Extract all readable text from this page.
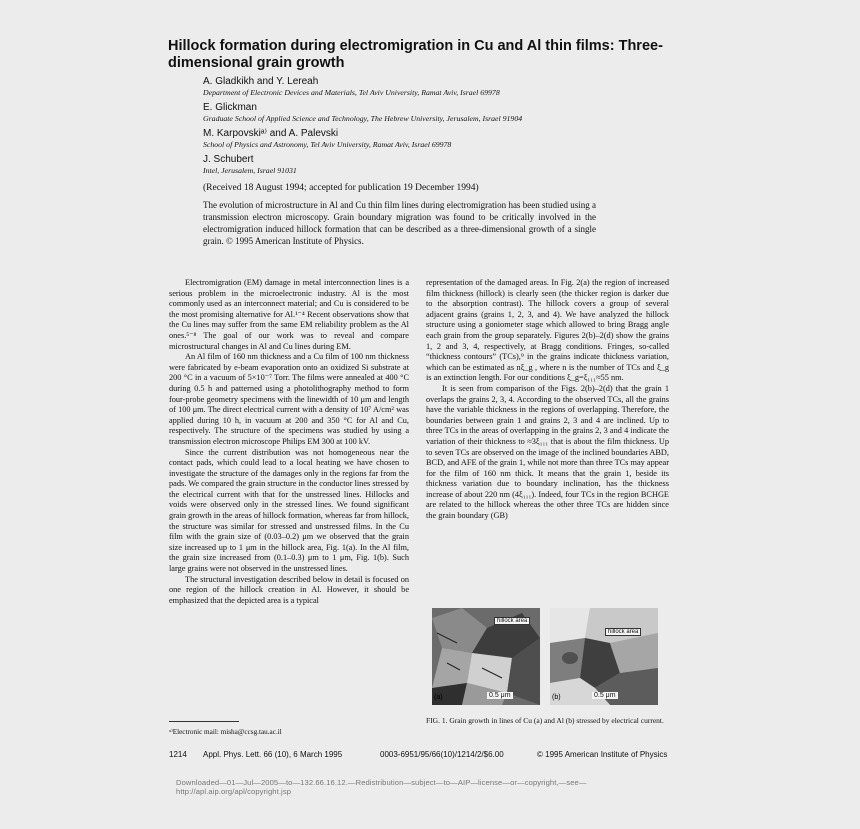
Hillock formation during electromigration in Cu and Al thin films: Three-dimensional grain growth
A. Gladkikh and Y. Lereah
Department of Electronic Devices and Materials, Tel Aviv University, Ramat Aviv, Israel 69978
E. Glickman
Graduate School of Applied Science and Technology, The Hebrew University, Jerusalem, Israel 91904
M. Karpovskiᵃ⁾ and A. Palevski
School of Physics and Astronomy, Tel Aviv University, Ramat Aviv, Israel 69978
J. Schubert
Intel, Jerusalem, Israel 91031
(Received 18 August 1994; accepted for publication 19 December 1994)

The evolution of microstructure in Al and Cu thin film lines during electromigration has been studied using a transmission electron microscopy. Grain boundary migration was found to be critically involved in the electromigration induced hillock formation that can be described as a three-dimensional growth of a single grain. © 1995 American Institute of Physics.

Electromigration (EM) damage in metal interconnection lines is a serious problem in the microelectronic industry. Al is the most commonly used as an interconnect material; and Cu is considered to be the most promising alternative for Al.¹⁻⁴ Recent observations show that the Cu lines may suffer from the same EM reliability problem as the Al ones.⁵⁻⁸ The goal of our work was to reveal and compare microstructural changes in Al and Cu lines during EM.

An Al film of 160 nm thickness and a Cu film of 100 nm thickness were fabricated by e-beam evaporation onto an oxidized Si substrate at 200 °C in a vacuum of 5×10⁻⁷ Torr. The films were annealed at 400 °C during 0.5 h and patterned using a photolithography method to form four-probe geometry specimens with the linewidth of 10 μm and length of 100 μm. The direct electrical current with a density of 10⁷ A/cm² was applied during 10 h, in vacuum at 200 and 350 °C for Al and Cu, respectively. The structure of the specimens was studied by using a transmission electron microscope Philips EM 300 at 100 kV.

Since the current distribution was not homogeneous near the contact pads, which could lead to a local heating we have chosen to investigate the structure of the damages only in the regions far from the pads. We compared the grain structure in the conductor lines stressed by the electrical current with that for the unstressed lines. Hillocks and voids were observed only in the stressed lines. We found significant grain growth in the areas of hillock formation, whereas far from hillock, the structure was similar for stressed and unstressed films. In the Cu film with the grain size of (0.03–0.2) μm we observed that the grain size increased up to 1 μm in the hillock area, Fig. 1(a). In the Al film, the grain size increased from (0.1–0.3) μm to 1 μm, Fig. 1(b). Such large grains were not observed in the unstressed lines.

The structural investigation described below in detail is focused on one region of the hillock creation in Al. However, it should be emphasized that the depicted area is a typical

representation of the damaged areas. In Fig. 2(a) the region of increased film thickness (hillock) is clearly seen (the thicker region is darker due to the absorption contrast). The hillock covers a group of several adjacent grains (grains 1, 2, 3, and 4). We have analyzed the hillock structure using a goniometer stage which allowed to bring Bragg angle each grain from the group separately. Figures 2(b)–2(d) show the grains 1, 2 and 3, 4, respectively, at Bragg conditions. Fringes, so-called “thickness contours” (TCs),⁹ in the grains indicate thickness variation, which can be estimated as nξ_g , where n is the number of TCs and ξ_g is an extinction length. For our conditions ξ_g=ξ₁₁₁≈55 nm.

It is seen from comparison of the Figs. 2(b)–2(d) that the grain 1 overlaps the grains 2, 3, 4. According to the observed TCs, all the grains have the variable thickness in the regions of overlapping. Therefore, the boundaries between grain 1 and grains 2, 3 and 4 are inclined. Up to three TCs in the areas of overlapping in the grains 2, 3 and 4 indicate the variation of their thickness to ≈3ξ₁₁₁ that is about the film thickness. Up to seven TCs are observed on the image of the inclined boundaries ABD, BCD, and AFE of the grain 1, while not more than three TCs may appear for the film of 160 nm thick. It means that the grain 1, beside its thickness variation due to boundary inclination, has the thickness increase of about 220 nm (4ξ₁₁₁). Indeed, four TCs in the region BCHGE are related to the hillock whereas the other three TCs are hidden since the grain boundary (GB)

hillock area
0.5 μm
(a)
hillock area
0.5 μm
(b)

FIG. 1. Grain growth in lines of Cu (a) and Al (b) stressed by electrical current.

ᵃ⁾Electronic mail: misha@ccsg.tau.ac.il
1214 Appl. Phys. Lett. 66 (10), 6 March 1995	0003-6951/95/66(10)/1214/2/$6.00	© 1995 American Institute of Physics
Downloaded—01—Jul—2005—to—132.66.16.12.—Redistribution—subject—to—AIP—license—or—copyright,—see—http://apl.aip.org/apl/copyright.jsp
